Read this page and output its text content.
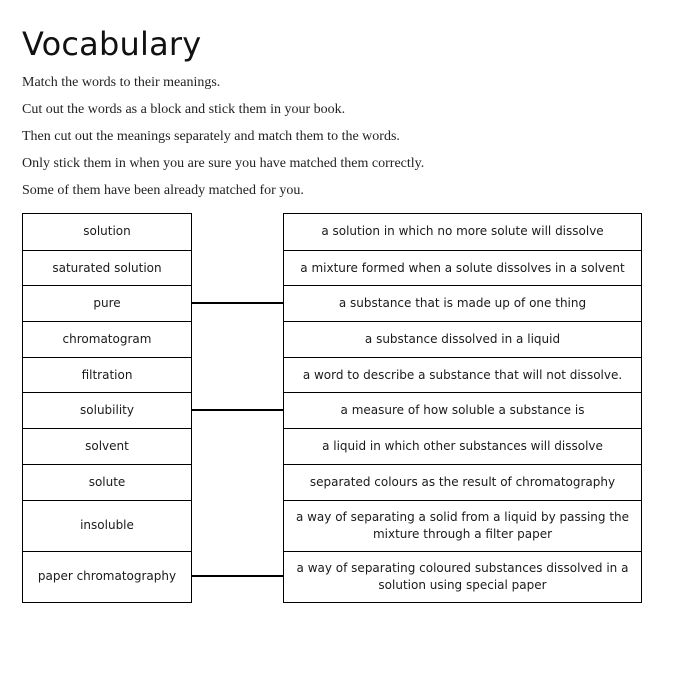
Vocabulary
Match the words to their meanings.
Cut out the words as a block and stick them in your book.
Then cut out the meanings separately and match them to the words.
Only stick them in when you are sure you have matched them correctly.
Some of them have been already matched for you.
solution
saturated solution
pure
chromatogram
filtration
solubility
solvent
solute
insoluble
paper chromatography
a solution in which no more solute will dissolve
a mixture formed when a solute dissolves in a solvent
a substance that is made up of one thing
a substance dissolved in a liquid
a word to describe a substance that will not dissolve.
a measure of how soluble a substance is
a liquid in which other substances will dissolve
separated colours as the result of chromatography
a way of separating a solid from a liquid by passing the mixture through a filter paper
a way of separating coloured substances dissolved in a solution using special paper
